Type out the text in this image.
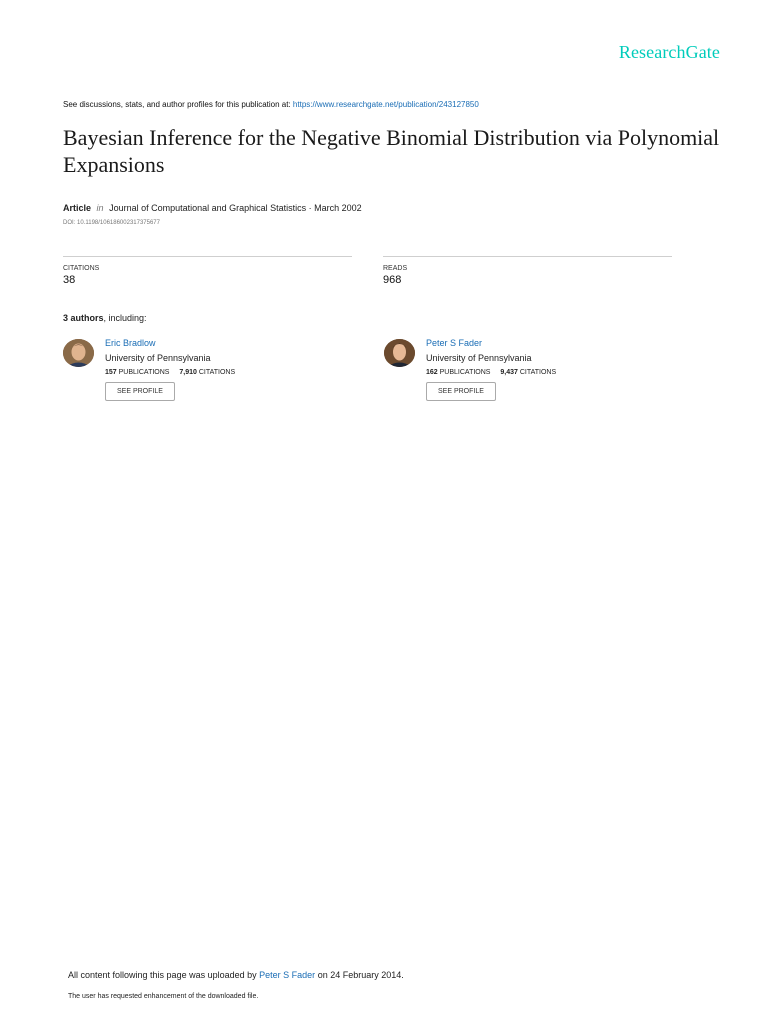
ResearchGate
See discussions, stats, and author profiles for this publication at: https://www.researchgate.net/publication/243127850
Bayesian Inference for the Negative Binomial Distribution via Polynomial Expansions
Article in Journal of Computational and Graphical Statistics · March 2002
DOI: 10.1198/106186002317375677
CITATIONS
38
READS
968
3 authors, including:
Eric Bradlow
University of Pennsylvania
157 PUBLICATIONS 7,910 CITATIONS
SEE PROFILE
Peter S Fader
University of Pennsylvania
162 PUBLICATIONS 9,437 CITATIONS
SEE PROFILE
All content following this page was uploaded by Peter S Fader on 24 February 2014.
The user has requested enhancement of the downloaded file.
